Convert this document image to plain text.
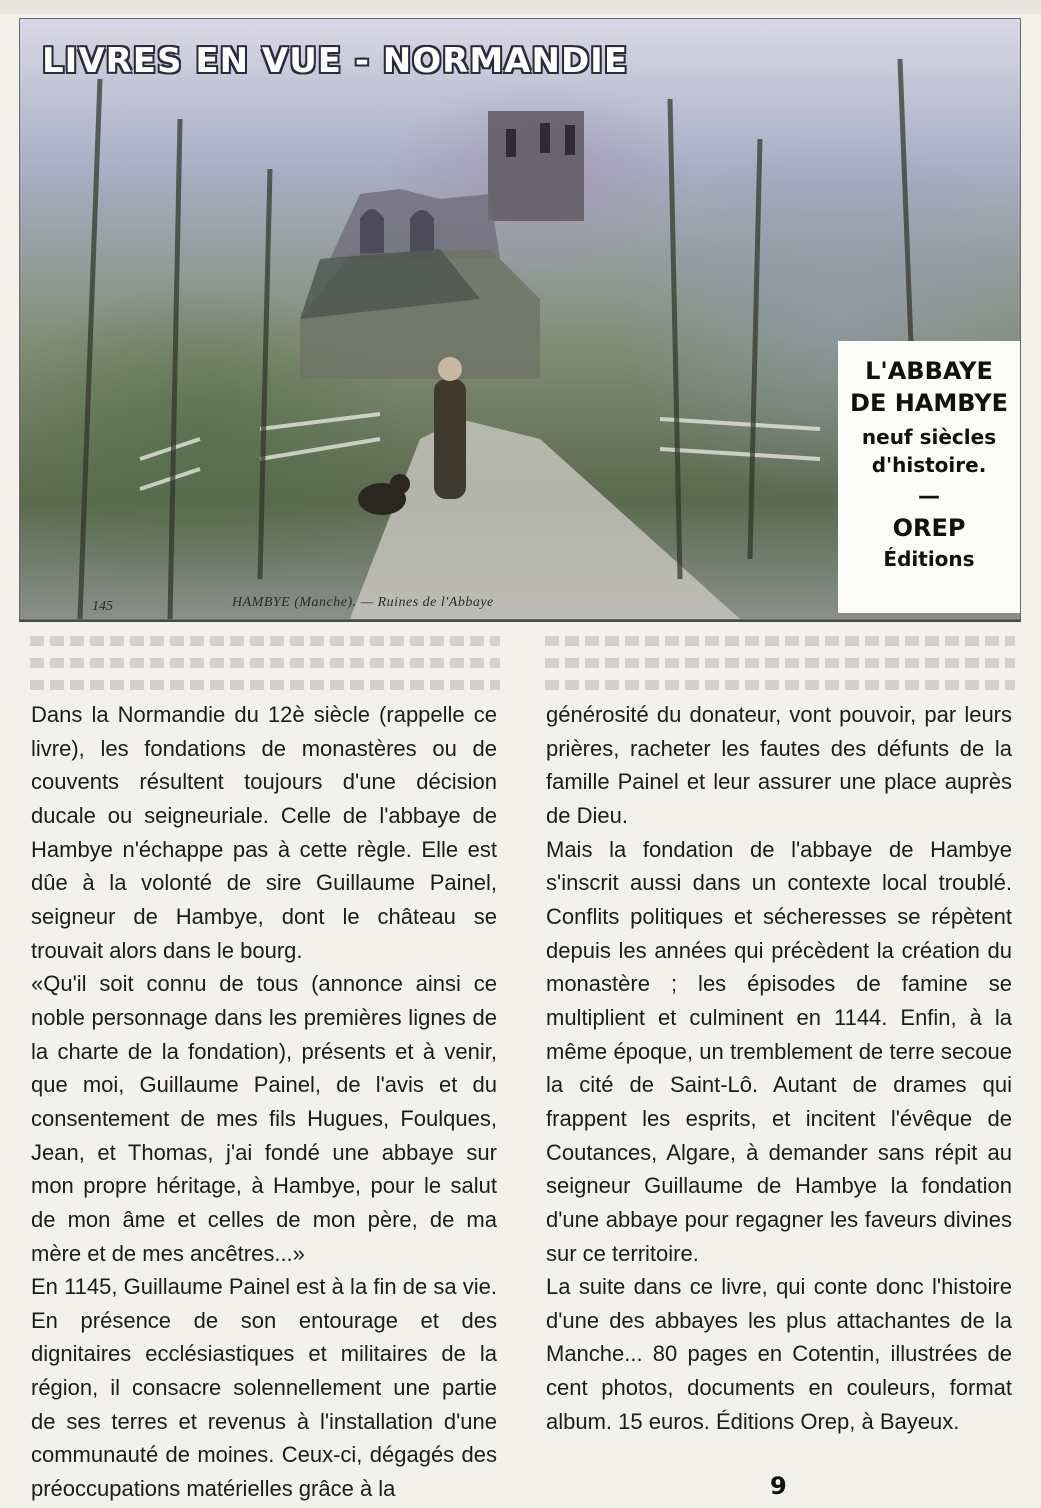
LIVRES EN VUE - NORMANDIE
145	HAMBYE (Manche). — Ruines de l'Abbaye
L'ABBAYE
DE HAMBYE
neuf siècles
d'histoire.
—
OREP
Éditions

Dans la Normandie du 12è siècle (rappelle ce livre), les fondations de monastères ou de couvents résultent toujours d'une décision ducale ou seigneuriale. Celle de l'abbaye de Hambye n'échappe pas à cette règle. Elle est dûe à la volonté de sire Guillaume Painel, seigneur de Hambye, dont le château se trouvait alors dans le bourg.

«Qu'il soit connu de tous (annonce ainsi ce noble personnage dans les premières lignes de la charte de la fondation), présents et à venir, que moi, Guillaume Painel, de l'avis et du consentement de mes fils Hugues, Foulques, Jean, et Thomas, j'ai fondé une abbaye sur mon propre héritage, à Hambye, pour le salut de mon âme et celles de mon père, de ma mère et de mes ancêtres...»

En 1145, Guillaume Painel est à la fin de sa vie. En présence de son entourage et des dignitaires ecclésiastiques et militaires de la région, il consacre solennellement une partie de ses terres et revenus à l'installation d'une communauté de moines. Ceux-ci, dégagés des préoccupations matérielles grâce à la

générosité du donateur, vont pouvoir, par leurs prières, racheter les fautes des défunts de la famille Painel et leur assurer une place auprès de Dieu.

Mais la fondation de l'abbaye de Hambye s'inscrit aussi dans un contexte local troublé. Conflits politiques et sécheresses se répètent depuis les années qui précèdent la création du monastère ; les épisodes de famine se multiplient et culminent en 1144. Enfin, à la même époque, un tremblement de terre secoue la cité de Saint-Lô. Autant de drames qui frappent les esprits, et incitent l'évêque de Coutances, Algare, à demander sans répit au seigneur Guillaume de Hambye la fondation d'une abbaye pour regagner les faveurs divines sur ce territoire.

La suite dans ce livre, qui conte donc l'histoire d'une des abbayes les plus attachantes de la Manche... 80 pages en Cotentin, illustrées de cent photos, documents en couleurs, format album. 15 euros. Éditions Orep, à Bayeux.

9
